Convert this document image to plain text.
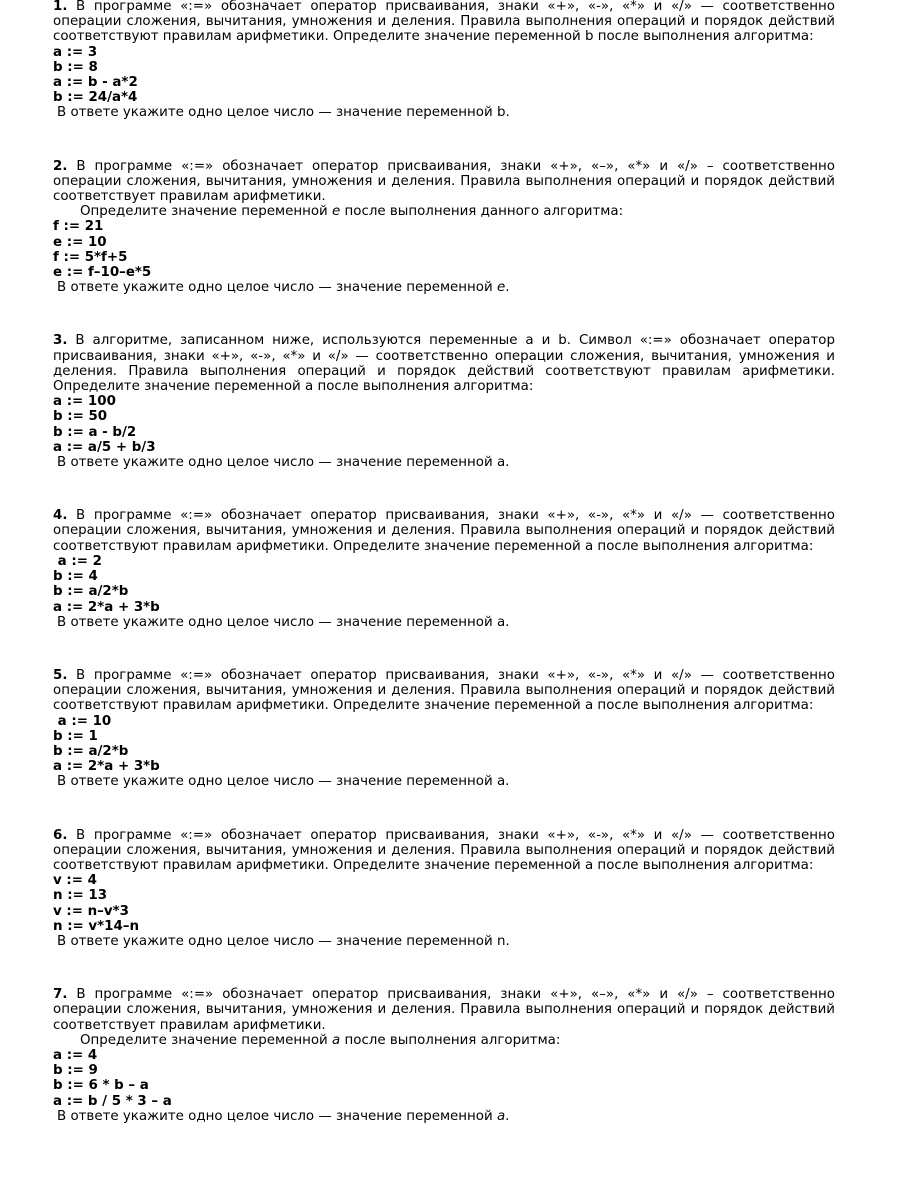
1. В программе «:=» обозначает оператор присваивания, знаки «+», «-», «*» и «/» — соответственно операции сложения, вычитания, умножения и деления. Правила выполнения операций и порядок действий соответствуют правилам арифметики. Определите значение переменной b после выполнения алгоритма:

a := 3
b := 8
a := b - a*2
b := 24/a*4

В ответе укажите одно целое число — значение переменной b.

2. В программе «:=» обозначает оператор присваивания, знаки «+», «–», «*» и «/» – соответственно операции сложения, вычитания, умножения и деления. Правила выполнения операций и порядок действий соответствует правилам арифметики.

Определите значение переменной e после выполнения данного алгоритма:

f := 21
e := 10
f := 5*f+5
e := f–10–e*5

В ответе укажите одно целое число — значение переменной e.

3. В алгоритме, записанном ниже, используются переменные a и b. Символ «:=» обозначает оператор присваивания, знаки «+», «-», «*» и «/» — соответственно операции сложения, вычитания, умножения и деления. Правила выполнения операций и порядок действий соответствуют правилам арифметики. Определите значение переменной a после выполнения алгоритма:

a := 100
b := 50
b := a - b/2
a := a/5 + b/3

В ответе укажите одно целое число — значение переменной a.

4. В программе «:=» обозначает оператор присваивания, знаки «+», «-», «*» и «/» — соответственно операции сложения, вычитания, умножения и деления. Правила выполнения операций и порядок действий соответствуют правилам арифметики. Определите значение переменной a после выполнения алгоритма:

a := 2
b := 4
b := a/2*b
a := 2*a + 3*b

В ответе укажите одно целое число — значение переменной a.

5. В программе «:=» обозначает оператор присваивания, знаки «+», «-», «*» и «/» — соответственно операции сложения, вычитания, умножения и деления. Правила выполнения операций и порядок действий соответствуют правилам арифметики. Определите значение переменной a после выполнения алгоритма:

a := 10
b := 1
b := a/2*b
a := 2*a + 3*b

В ответе укажите одно целое число — значение переменной a.

6. В программе «:=» обозначает оператор присваивания, знаки «+», «-», «*» и «/» — соответственно операции сложения, вычитания, умножения и деления. Правила выполнения операций и порядок действий соответствуют правилам арифметики. Определите значение переменной a после выполнения алгоритма:

v := 4
n := 13
v := n–v*3
n := v*14–n

В ответе укажите одно целое число — значение переменной n.

7. В программе «:=» обозначает оператор присваивания, знаки «+», «–», «*» и «/» – соответственно операции сложения, вычитания, умножения и деления. Правила выполнения операций и порядок действий соответствует правилам арифметики.

Определите значение переменной a после выполнения алгоритма:

a := 4
b := 9
b := 6 * b – a
a := b / 5 * 3 – a

В ответе укажите одно целое число — значение переменной a.
